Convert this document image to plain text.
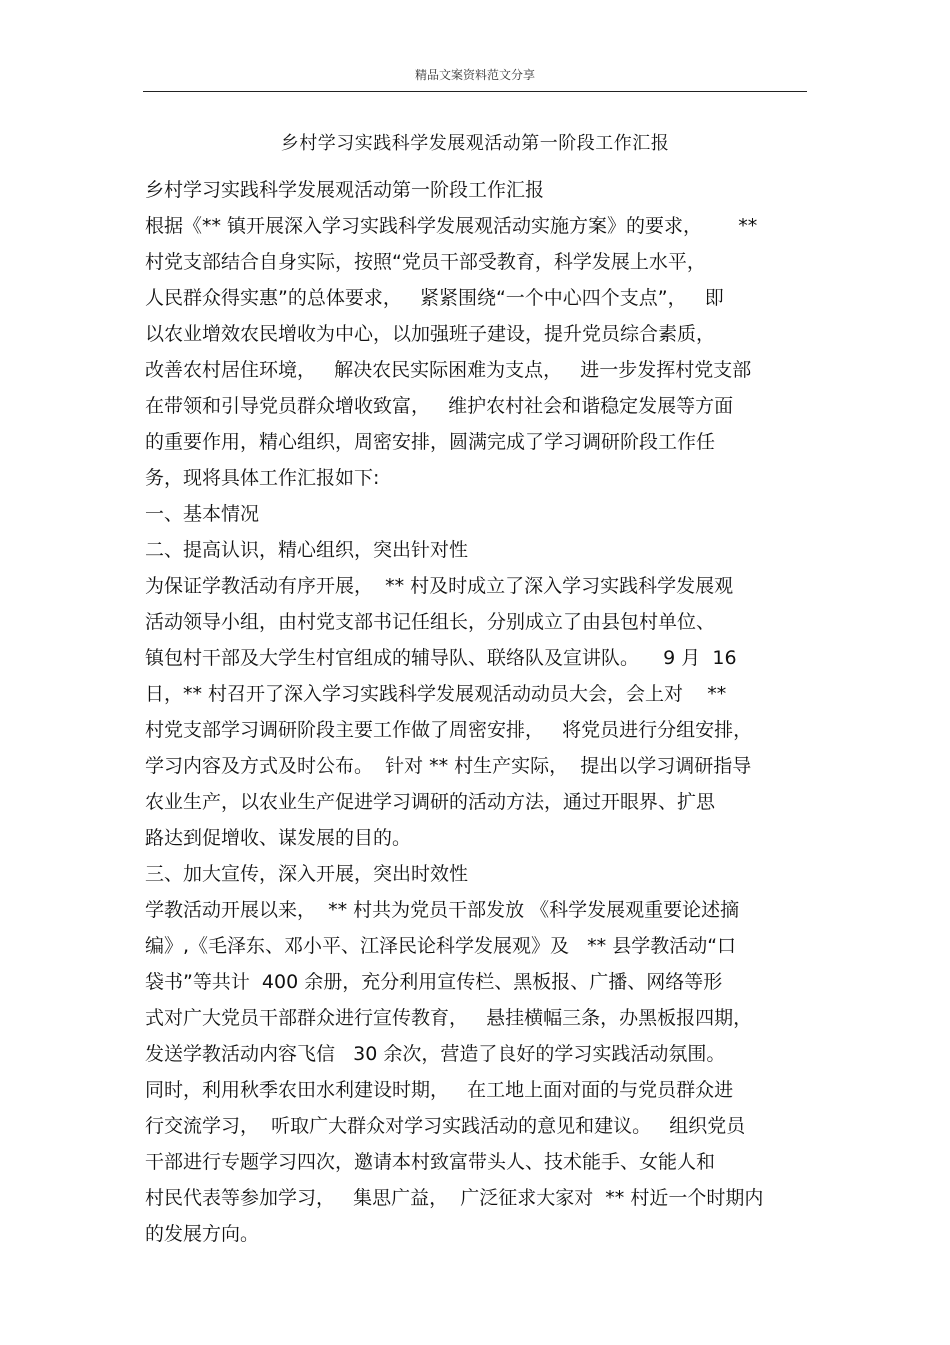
精品文案资料范文分享
乡村学习实践科学发展观活动第一阶段工作汇报
乡村学习实践科学发展观活动第一阶段工作汇报
根据《** 镇开展深入学习实践科学发展观活动实施方案》的要求，      **
村党支部结合自身实际，按照“党员干部受教育，科学发展上水平，
人民群众得实惠”的总体要求，   紧紧围绕“一个中心四个支点”，   即
以农业增效农民增收为中心，以加强班子建设，提升党员综合素质，
改善农村居住环境，   解决农民实际困难为支点，   进一步发挥村党支部
在带领和引导党员群众增收致富，   维护农村社会和谐稳定发展等方面
的重要作用，精心组织，周密安排，圆满完成了学习调研阶段工作任
务，现将具体工作汇报如下:
一、基本情况
二、提高认识，精心组织，突出针对性
为保证学教活动有序开展，  ** 村及时成立了深入学习实践科学发展观
活动领导小组，由村党支部书记任组长，分别成立了由县包村单位、
镇包村干部及大学生村官组成的辅导队、联络队及宣讲队。    9 月  16
日，** 村召开了深入学习实践科学发展观活动动员大会，会上对    **
村党支部学习调研阶段主要工作做了周密安排，   将党员进行分组安排，
学习内容及方式及时公布。  针对 ** 村生产实际，  提出以学习调研指导
农业生产，以农业生产促进学习调研的活动方法，通过开眼界、扩思
路达到促增收、谋发展的目的。
三、加大宣传，深入开展，突出时效性
学教活动开展以来，  ** 村共为党员干部发放 《科学发展观重要论述摘
编》,《毛泽东、邓小平、江泽民论科学发展观》及   ** 县学教活动“口
袋书”等共计  400 余册，充分利用宣传栏、黑板报、广播、网络等形
式对广大党员干部群众进行宣传教育，   悬挂横幅三条，办黑板报四期，
发送学教活动内容飞信   30 余次，营造了良好的学习实践活动氛围。
同时，利用秋季农田水利建设时期，   在工地上面对面的与党员群众进
行交流学习，  听取广大群众对学习实践活动的意见和建议。   组织党员
干部进行专题学习四次，邀请本村致富带头人、技术能手、女能人和
村民代表等参加学习，   集思广益，  广泛征求大家对  ** 村近一个时期内
的发展方向。
